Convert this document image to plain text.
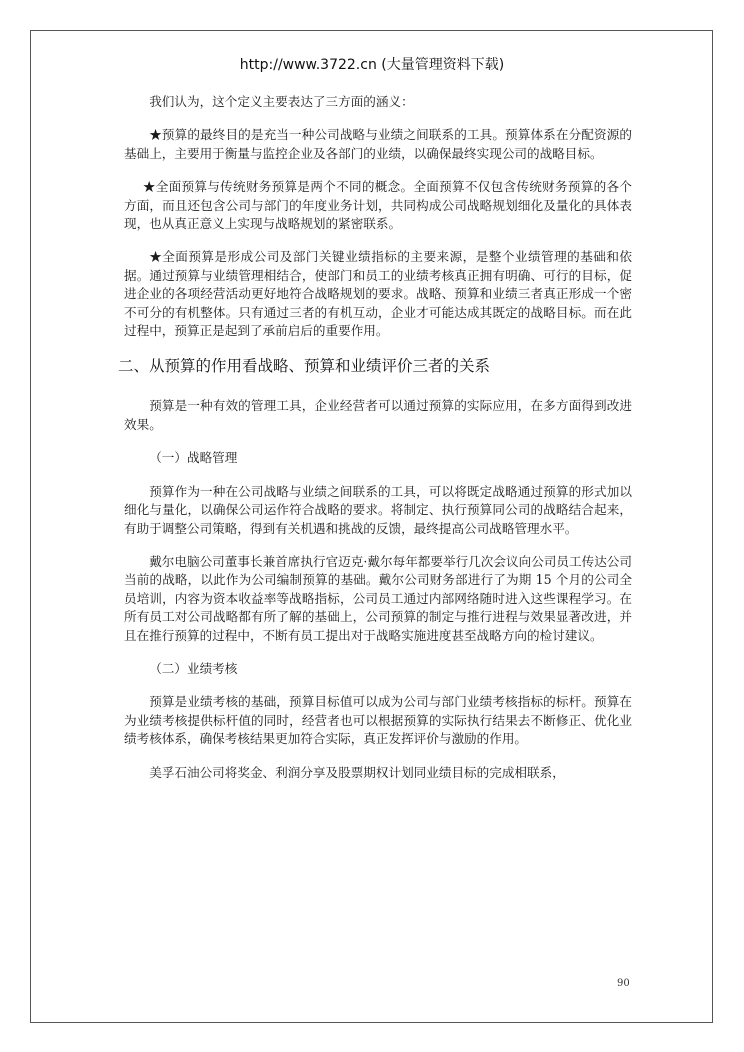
http://www.3722.cn (大量管理资料下载)

我们认为，这个定义主要表达了三方面的涵义：

★预算的最终目的是充当一种公司战略与业绩之间联系的工具。预算体系在分配资源的基础上，主要用于衡量与监控企业及各部门的业绩，以确保最终实现公司的战略目标。

★全面预算与传统财务预算是两个不同的概念。全面预算不仅包含传统财务预算的各个方面，而且还包含公司与部门的年度业务计划，共同构成公司战略规划细化及量化的具体表现，也从真正意义上实现与战略规划的紧密联系。

★全面预算是形成公司及部门关键业绩指标的主要来源，是整个业绩管理的基础和依据。通过预算与业绩管理相结合，使部门和员工的业绩考核真正拥有明确、可行的目标，促进企业的各项经营活动更好地符合战略规划的要求。战略、预算和业绩三者真正形成一个密不可分的有机整体。只有通过三者的有机互动，企业才可能达成其既定的战略目标。而在此过程中，预算正是起到了承前启后的重要作用。

二、从预算的作用看战略、预算和业绩评价三者的关系

预算是一种有效的管理工具，企业经营者可以通过预算的实际应用，在多方面得到改进效果。

（一）战略管理

预算作为一种在公司战略与业绩之间联系的工具，可以将既定战略通过预算的形式加以细化与量化，以确保公司运作符合战略的要求。将制定、执行预算同公司的战略结合起来，有助于调整公司策略，得到有关机遇和挑战的反馈，最终提高公司战略管理水平。

戴尔电脑公司董事长兼首席执行官迈克·戴尔每年都要举行几次会议向公司员工传达公司当前的战略，以此作为公司编制预算的基础。戴尔公司财务部进行了为期 15 个月的公司全员培训，内容为资本收益率等战略指标，公司员工通过内部网络随时进入这些课程学习。在所有员工对公司战略都有所了解的基础上，公司预算的制定与推行进程与效果显著改进，并且在推行预算的过程中，不断有员工提出对于战略实施进度甚至战略方向的检讨建议。

（二）业绩考核

预算是业绩考核的基础，预算目标值可以成为公司与部门业绩考核指标的标杆。预算在为业绩考核提供标杆值的同时，经营者也可以根据预算的实际执行结果去不断修正、优化业绩考核体系，确保考核结果更加符合实际，真正发挥评价与激励的作用。

美孚石油公司将奖金、利润分享及股票期权计划同业绩目标的完成相联系，

90
